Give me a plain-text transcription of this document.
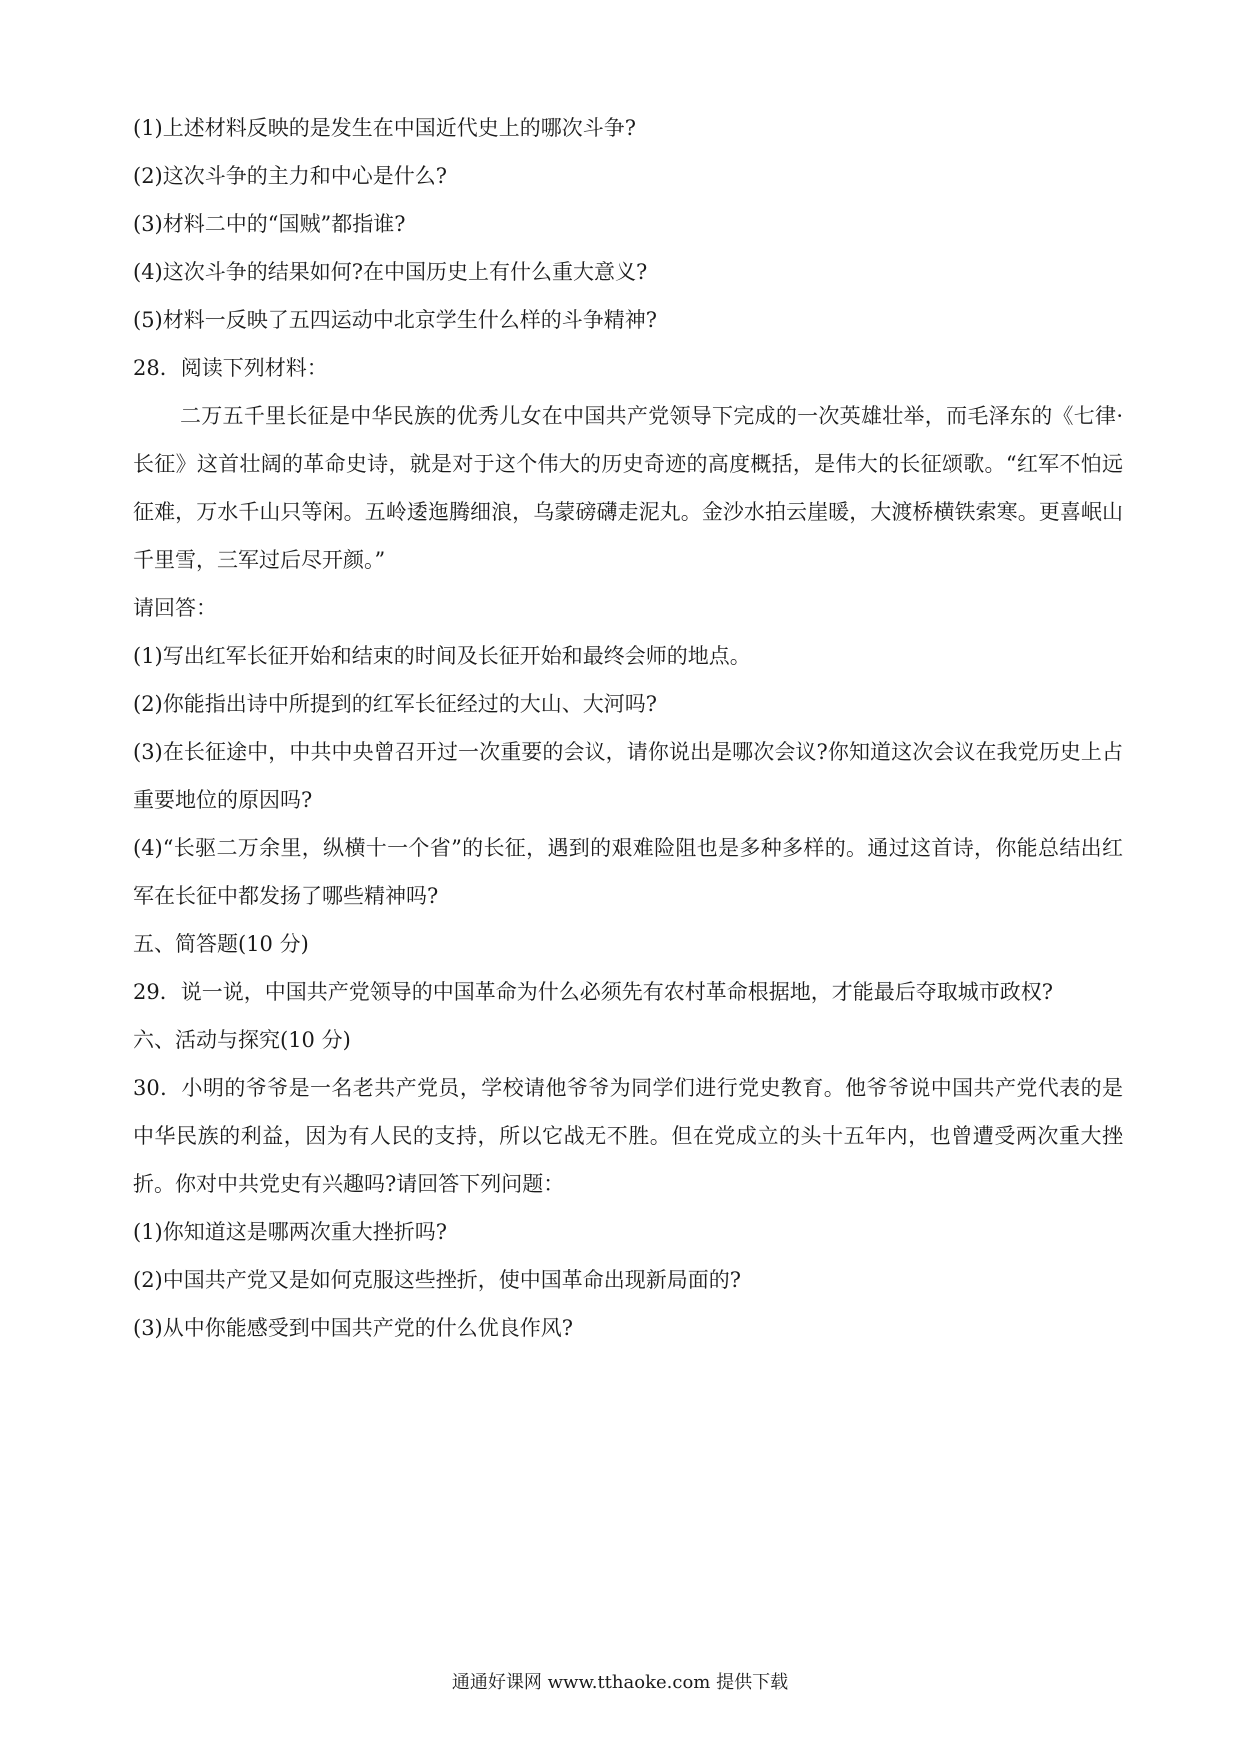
(1)上述材料反映的是发生在中国近代史上的哪次斗争?

(2)这次斗争的主力和中心是什么?

(3)材料二中的“国贼”都指谁?

(4)这次斗争的结果如何?在中国历史上有什么重大意义?

(5)材料一反映了五四运动中北京学生什么样的斗争精神?

28．阅读下列材料：

二万五千里长征是中华民族的优秀儿女在中国共产党领导下完成的一次英雄壮举，而毛泽东的《七律·长征》这首壮阔的革命史诗，就是对于这个伟大的历史奇迹的高度概括，是伟大的长征颂歌。“红军不怕远征难，万水千山只等闲。五岭逶迤腾细浪，乌蒙磅礴走泥丸。金沙水拍云崖暖，大渡桥横铁索寒。更喜岷山千里雪，三军过后尽开颜。”

请回答：

(1)写出红军长征开始和结束的时间及长征开始和最终会师的地点。

(2)你能指出诗中所提到的红军长征经过的大山、大河吗?

(3)在长征途中，中共中央曾召开过一次重要的会议，请你说出是哪次会议?你知道这次会议在我党历史上占重要地位的原因吗?

(4)“长驱二万余里，纵横十一个省”的长征，遇到的艰难险阻也是多种多样的。通过这首诗，你能总结出红军在长征中都发扬了哪些精神吗?

五、简答题(10 分)

29．说一说，中国共产党领导的中国革命为什么必须先有农村革命根据地，才能最后夺取城市政权?

六、活动与探究(10 分)

30．小明的爷爷是一名老共产党员，学校请他爷爷为同学们进行党史教育。他爷爷说中国共产党代表的是中华民族的利益，因为有人民的支持，所以它战无不胜。但在党成立的头十五年内，也曾遭受两次重大挫折。你对中共党史有兴趣吗?请回答下列问题：

(1)你知道这是哪两次重大挫折吗?

(2)中国共产党又是如何克服这些挫折，使中国革命出现新局面的?

(3)从中你能感受到中国共产党的什么优良作风?

通通好课网 www.tthaoke.com 提供下载
